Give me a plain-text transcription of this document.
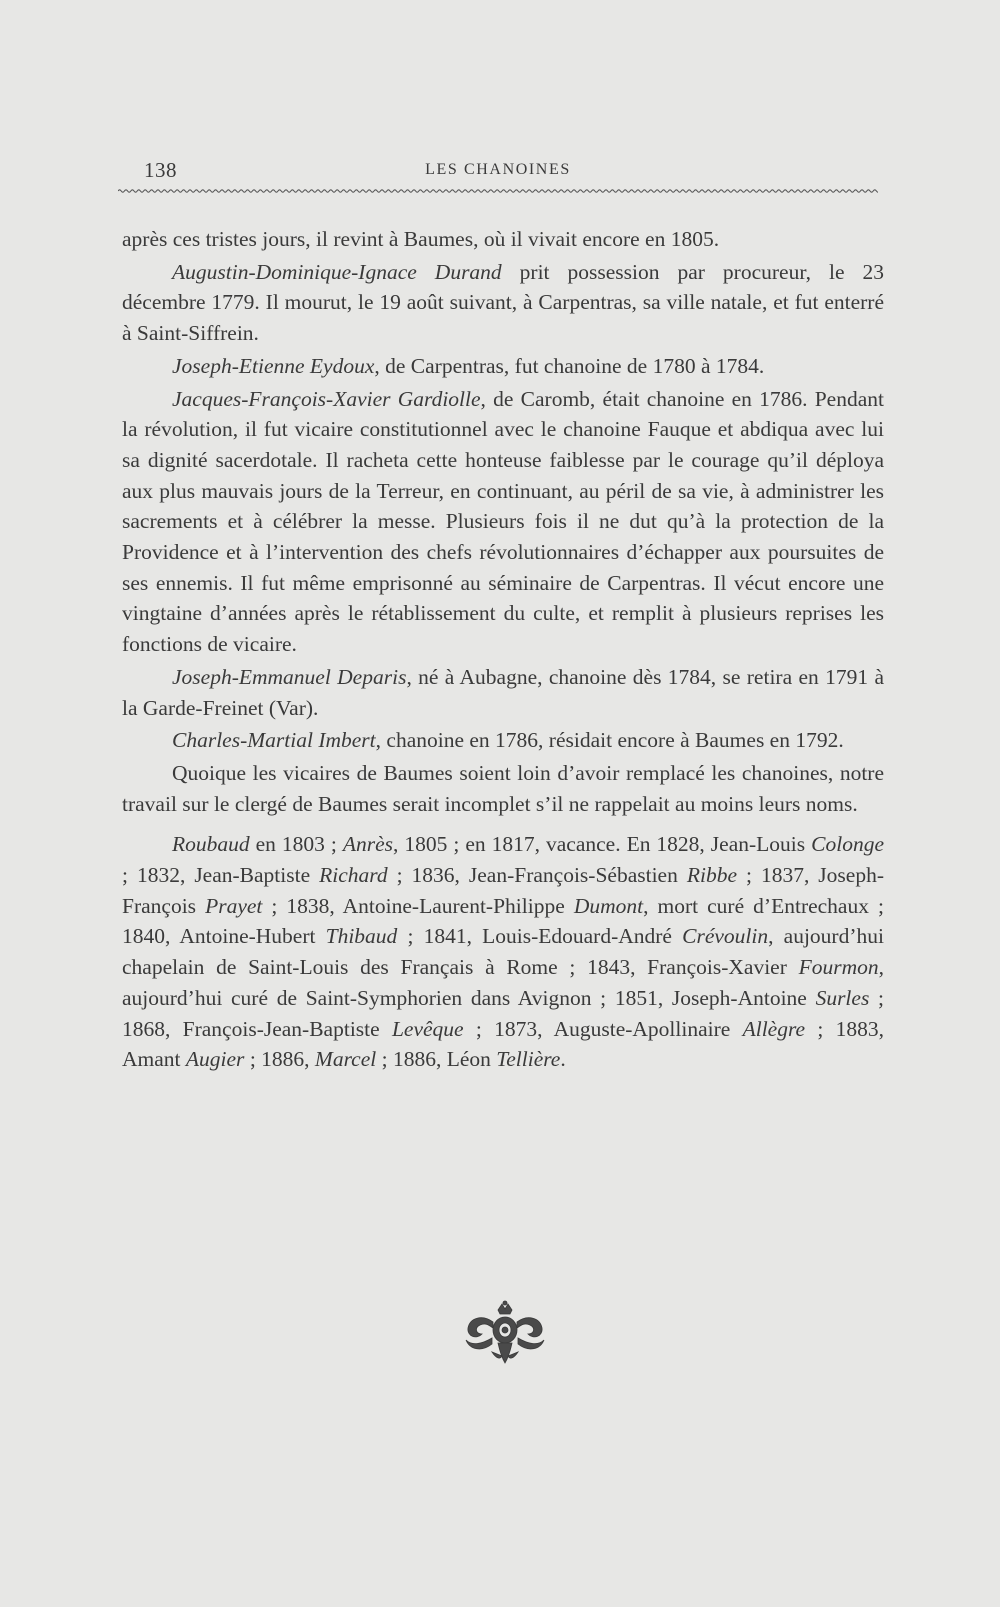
138	LES CHANOINES

après ces tristes jours, il revint à Baumes, où il vivait encore en 1805.

Augustin-Dominique-Ignace Durand prit possession par procureur, le 23 décembre 1779. Il mourut, le 19 août suivant, à Carpentras, sa ville natale, et fut enterré à Saint-Siffrein.

Joseph-Etienne Eydoux, de Carpentras, fut chanoine de 1780 à 1784.

Jacques-François-Xavier Gardiolle, de Caromb, était chanoine en 1786. Pendant la révolution, il fut vicaire constitutionnel avec le chanoine Fauque et abdiqua avec lui sa dignité sacerdotale. Il racheta cette honteuse faiblesse par le courage qu’il déploya aux plus mauvais jours de la Terreur, en continuant, au péril de sa vie, à administrer les sacrements et à célébrer la messe. Plusieurs fois il ne dut qu’à la protection de la Providence et à l’intervention des chefs révolutionnaires d’échapper aux poursuites de ses ennemis. Il fut même emprisonné au séminaire de Carpentras. Il vécut encore une vingtaine d’années après le rétablissement du culte, et remplit à plusieurs reprises les fonctions de vicaire.

Joseph-Emmanuel Deparis, né à Aubagne, chanoine dès 1784, se retira en 1791 à la Garde-Freinet (Var).

Charles-Martial Imbert, chanoine en 1786, résidait encore à Baumes en 1792.

Quoique les vicaires de Baumes soient loin d’avoir remplacé les chanoines, notre travail sur le clergé de Baumes serait incomplet s’il ne rappelait au moins leurs noms.

Roubaud en 1803 ; Anrès, 1805 ; en 1817, vacance. En 1828, Jean-Louis Colonge ; 1832, Jean-Baptiste Richard ; 1836, Jean-François-Sébastien Ribbe ; 1837, Joseph-François Prayet ; 1838, Antoine-Laurent-Philippe Dumont, mort curé d’Entrechaux ; 1840, Antoine-Hubert Thibaud ; 1841, Louis-Edouard-André Crévoulin, aujourd’hui chapelain de Saint-Louis des Français à Rome ; 1843, François-Xavier Fourmon, aujourd’hui curé de Saint-Symphorien dans Avignon ; 1851, Joseph-Antoine Surles ; 1868, François-Jean-Baptiste Levêque ; 1873, Auguste-Apollinaire Allègre ; 1883, Amant Augier ; 1886, Marcel ; 1886, Léon Tellière.
